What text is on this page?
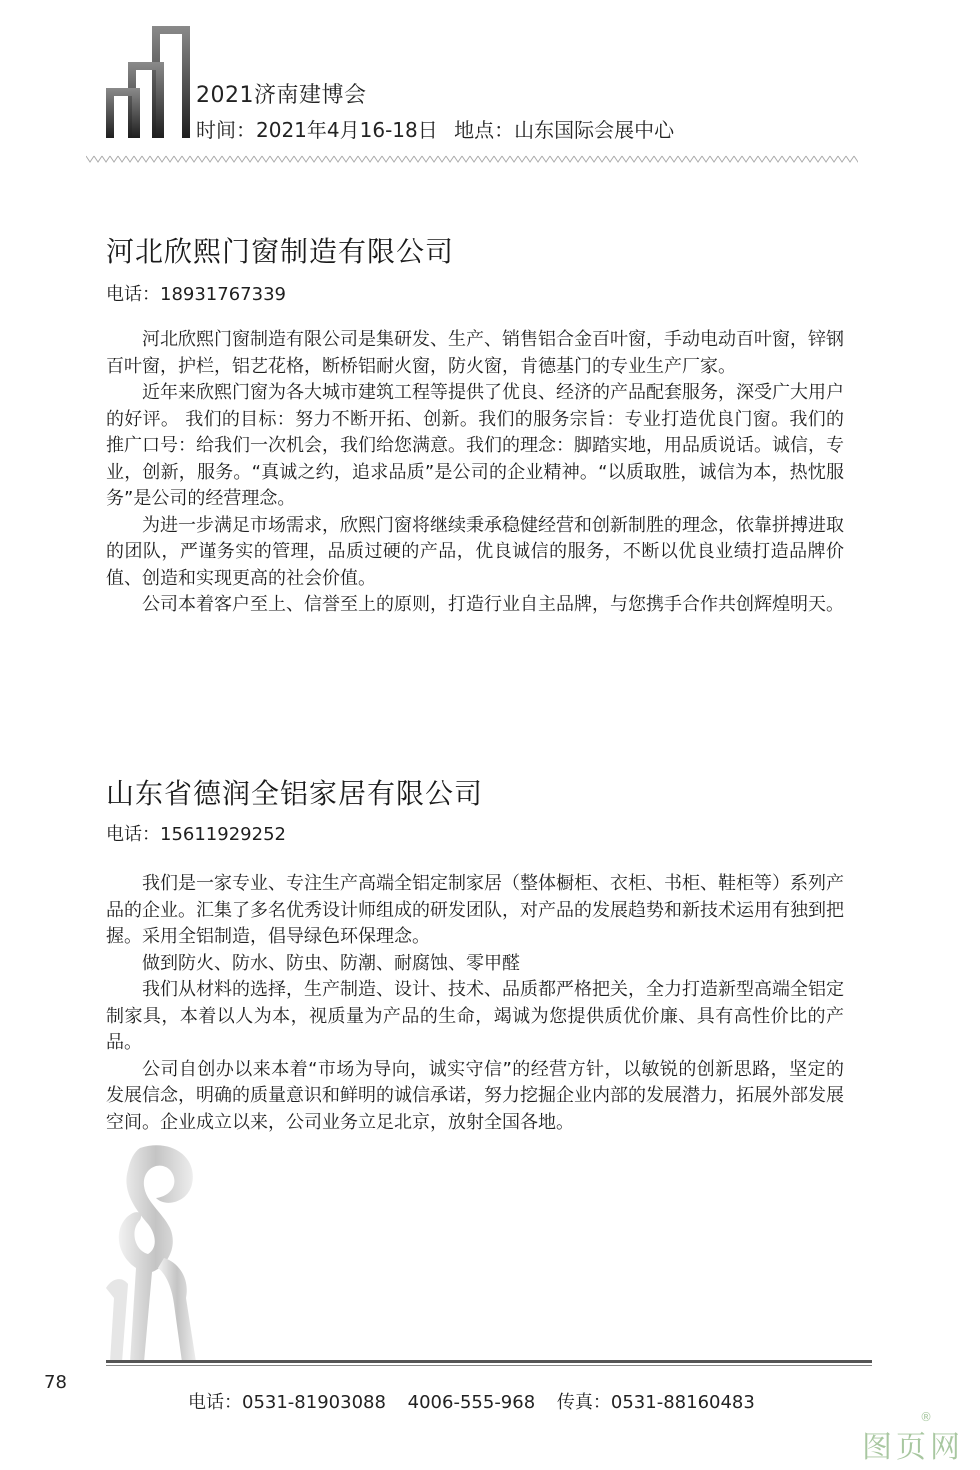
2021济南建博会
时间：2021年4月16-18日 地点：山东国际会展中心
河北欣熙门窗制造有限公司
电话：18931767339

河北欣熙门窗制造有限公司是集研发、生产、销售铝合金百叶窗，手动电动百叶窗，锌钢百叶窗，护栏，铝艺花格，断桥铝耐火窗，防火窗，肯德基门的专业生产厂家。

近年来欣熙门窗为各大城市建筑工程等提供了优良、经济的产品配套服务，深受广大用户的好评。 我们的目标：努力不断开拓、创新。我们的服务宗旨：专业打造优良门窗。我们的推广口号：给我们一次机会，我们给您满意。我们的理念：脚踏实地，用品质说话。诚信，专业，创新，服务。“真诚之约，追求品质”是公司的企业精神。“以质取胜，诚信为本，热忱服务”是公司的经营理念。

为进一步满足市场需求，欣熙门窗将继续秉承稳健经营和创新制胜的理念，依靠拼搏进取的团队，严谨务实的管理，品质过硬的产品，优良诚信的服务，不断以优良业绩打造品牌价值、创造和实现更高的社会价值。

公司本着客户至上、信誉至上的原则，打造行业自主品牌，与您携手合作共创辉煌明天。

山东省德润全铝家居有限公司
电话：15611929252

我们是一家专业、专注生产高端全铝定制家居（整体橱柜、衣柜、书柜、鞋柜等）系列产品的企业。汇集了多名优秀设计师组成的研发团队，对产品的发展趋势和新技术运用有独到把握。采用全铝制造，倡导绿色环保理念。

做到防火、防水、防虫、防潮、耐腐蚀、零甲醛

我们从材料的选择，生产制造、设计、技术、品质都严格把关，全力打造新型高端全铝定制家具，本着以人为本，视质量为产品的生命，竭诚为您提供质优价廉、具有高性价比的产品。

公司自创办以来本着“市场为导向，诚实守信”的经营方针，以敏锐的创新思路，坚定的发展信念，明确的质量意识和鲜明的诚信承诺，努力挖掘企业内部的发展潜力，拓展外部发展空间。企业成立以来，公司业务立足北京，放射全国各地。

78
电话：0531-81903088 4006-555-968 传真：0531-88160483
图页网
®
